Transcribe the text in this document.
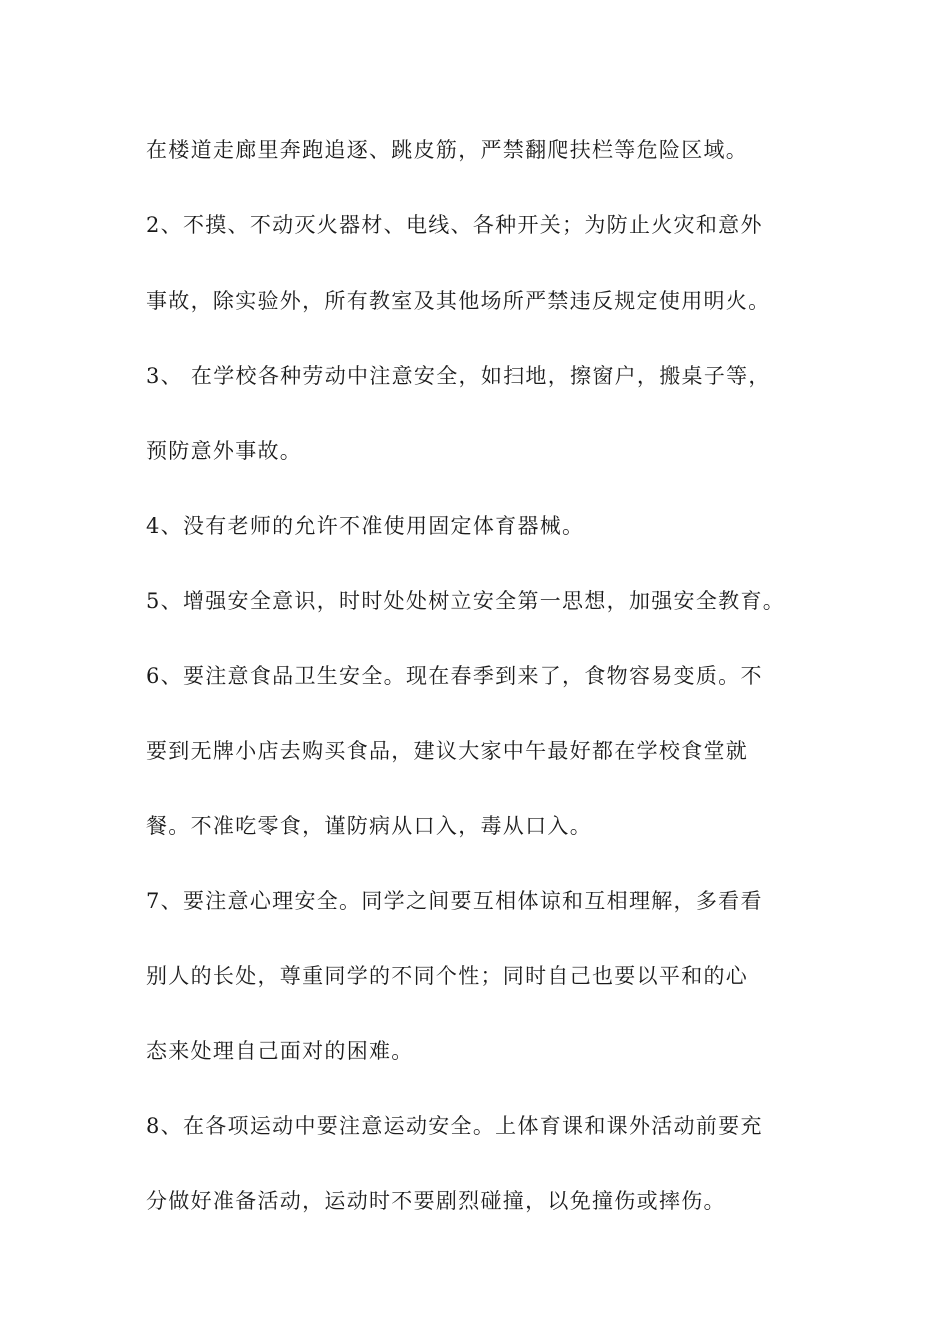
在楼道走廊里奔跑追逐、跳皮筋，严禁翻爬扶栏等危险区域。
2、不摸、不动灭火器材、电线、各种开关；为防止火灾和意外
事故，除实验外，所有教室及其他场所严禁违反规定使用明火。
3、 在学校各种劳动中注意安全，如扫地，擦窗户，搬桌子等，
预防意外事故。
4、没有老师的允许不准使用固定体育器械。
5、增强安全意识，时时处处树立安全第一思想，加强安全教育。
6、要注意食品卫生安全。现在春季到来了，食物容易变质。不
要到无牌小店去购买食品，建议大家中午最好都在学校食堂就
餐。不准吃零食，谨防病从口入，毒从口入。
7、要注意心理安全。同学之间要互相体谅和互相理解，多看看
别人的长处，尊重同学的不同个性；同时自己也要以平和的心
态来处理自己面对的困难。
8、在各项运动中要注意运动安全。上体育课和课外活动前要充
分做好准备活动，运动时不要剧烈碰撞，以免撞伤或摔伤。
